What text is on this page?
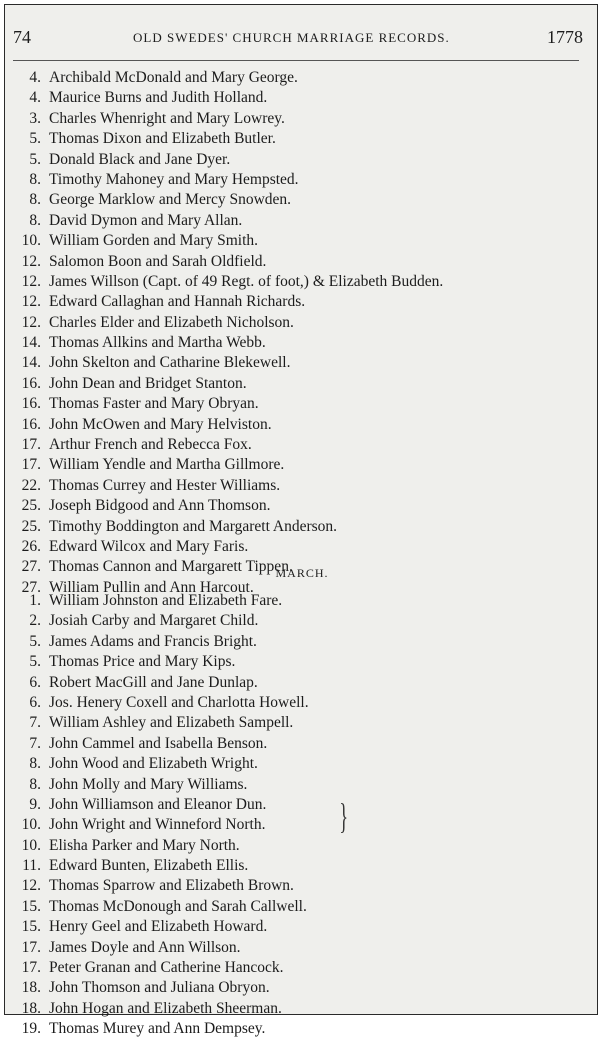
74	OLD SWEDES' CHURCH MARRIAGE RECORDS.	1778
4. Archibald McDonald and Mary George.
4. Maurice Burns and Judith Holland.
3. Charles Whenright and Mary Lowrey.
5. Thomas Dixon and Elizabeth Butler.
5. Donald Black and Jane Dyer.
8. Timothy Mahoney and Mary Hempsted.
8. George Marklow and Mercy Snowden.
8. David Dymon and Mary Allan.
10. William Gorden and Mary Smith.
12. Salomon Boon and Sarah Oldfield.
12. James Willson (Capt. of 49 Regt. of foot,) & Elizabeth Budden.
12. Edward Callaghan and Hannah Richards.
12. Charles Elder and Elizabeth Nicholson.
14. Thomas Allkins and Martha Webb.
14. John Skelton and Catharine Blekewell.
16. John Dean and Bridget Stanton.
16. Thomas Faster and Mary Obryan.
16. John McOwen and Mary Helviston.
17. Arthur French and Rebecca Fox.
17. William Yendle and Martha Gillmore.
22. Thomas Currey and Hester Williams.
25. Joseph Bidgood and Ann Thomson.
25. Timothy Boddington and Margarett Anderson.
26. Edward Wilcox and Mary Faris.
27. Thomas Cannon and Margarett Tippen.
27. William Pullin and Ann Harcout.
MARCH.
1. William Johnston and Elizabeth Fare.
2. Josiah Carby and Margaret Child.
5. James Adams and Francis Bright.
5. Thomas Price and Mary Kips.
6. Robert MacGill and Jane Dunlap.
6. Jos. Henery Coxell and Charlotta Howell.
7. William Ashley and Elizabeth Sampell.
7. John Cammel and Isabella Benson.
8. John Wood and Elizabeth Wright.
8. John Molly and Mary Williams.
9. John Williamson and Eleanor Dun.
10. John Wright and Winneford North.
10. Elisha Parker and Mary North.
11. Edward Bunten, Elizabeth Ellis.
12. Thomas Sparrow and Elizabeth Brown.
15. Thomas McDonough and Sarah Callwell.
15. Henry Geel and Elizabeth Howard.
17. James Doyle and Ann Willson.
17. Peter Granan and Catherine Hancock.
18. John Thomson and Juliana Obryon.
18. John Hogan and Elizabeth Sheerman.
19. Thomas Murey and Ann Dempsey.
}
